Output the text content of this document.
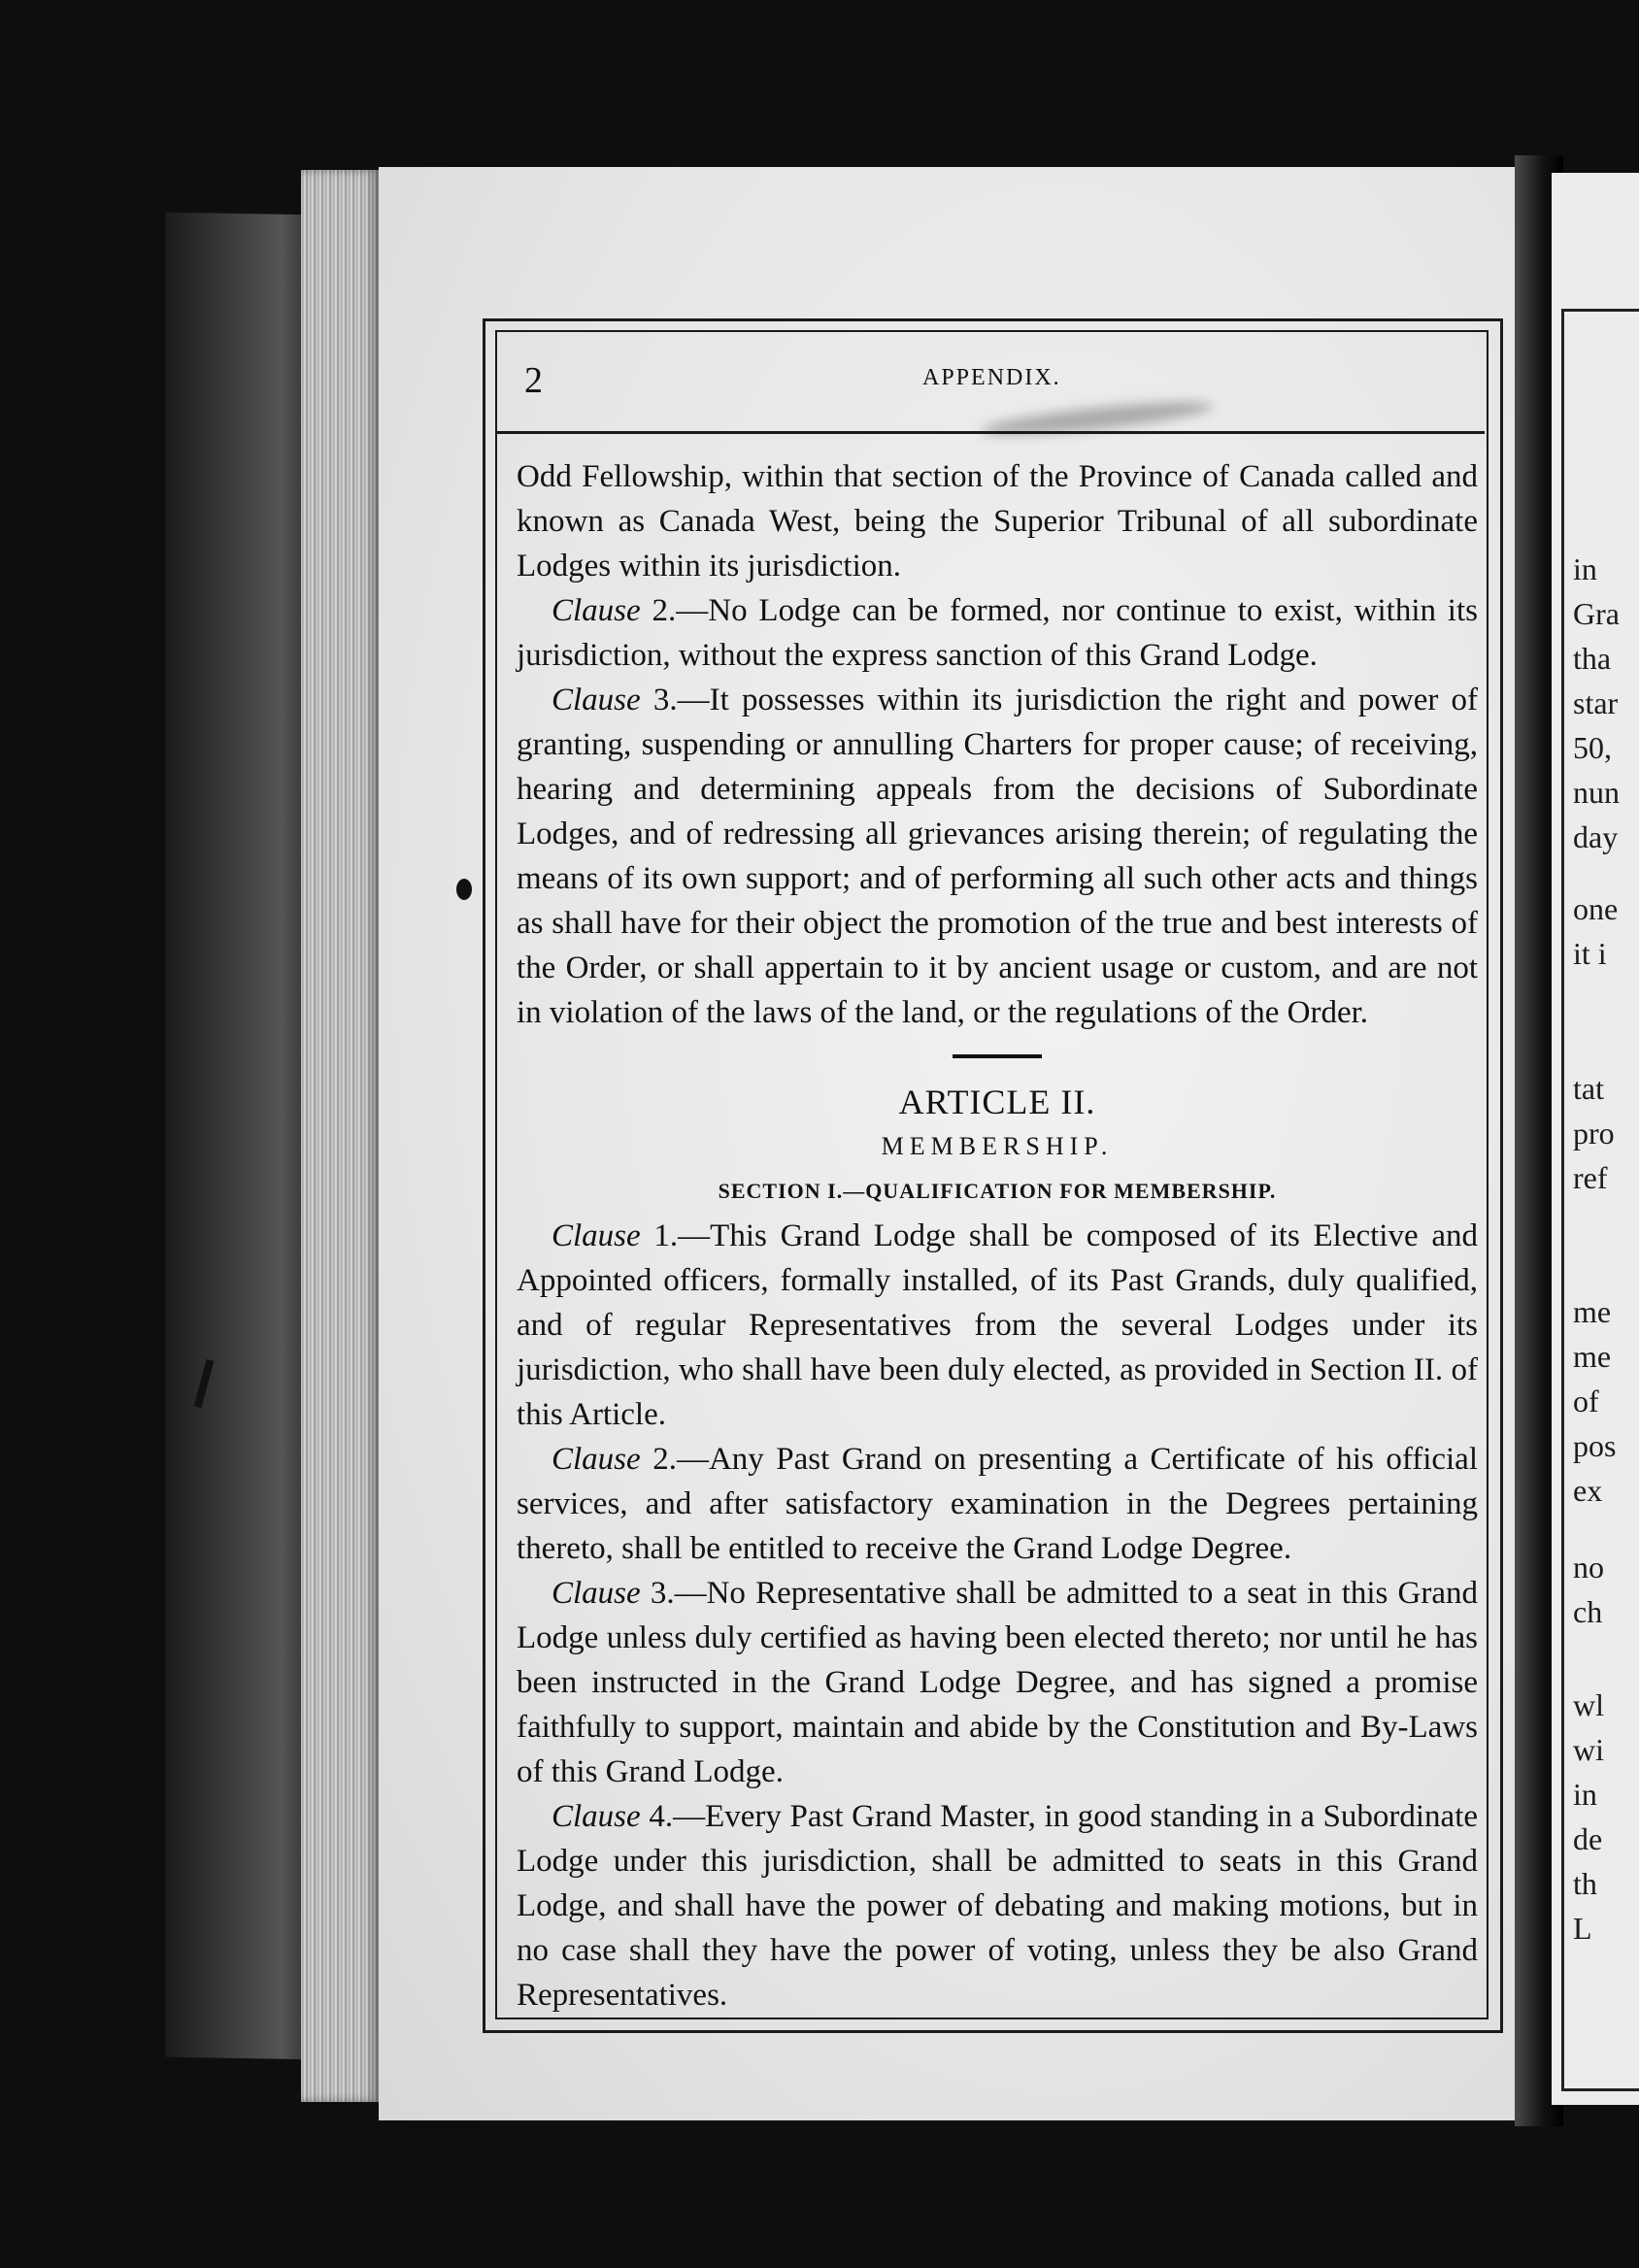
in
Gra
tha
star
50,
nun
day
one
it i
tat
pro
ref
me
me
of
pos
ex
no
ch
wl
wi
in
de
th
L
2	APPENDIX.

Odd Fellowship, within that section of the Province of Canada called and known as Canada West, being the Superior Tribunal of all subordinate Lodges within its jurisdiction.

Clause 2.—No Lodge can be formed, nor continue to exist, within its jurisdiction, without the express sanction of this Grand Lodge.

Clause 3.—It possesses within its jurisdiction the right and power of granting, suspending or annulling Charters for proper cause; of receiving, hearing and determining appeals from the decisions of Subordinate Lodges, and of redressing all grievances arising therein; of regulating the means of its own support; and of performing all such other acts and things as shall have for their object the promotion of the true and best interests of the Order, or shall appertain to it by ancient usage or custom, and are not in violation of the laws of the land, or the regulations of the Order.

ARTICLE II.

MEMBERSHIP.

SECTION I.—QUALIFICATION FOR MEMBERSHIP.

Clause 1.—This Grand Lodge shall be composed of its Elective and Appointed officers, formally installed, of its Past Grands, duly qualified, and of regular Representatives from the several Lodges under its jurisdiction, who shall have been duly elected, as provided in Section II. of this Article.

Clause 2.—Any Past Grand on presenting a Certificate of his official services, and after satisfactory examination in the Degrees pertaining thereto, shall be entitled to receive the Grand Lodge Degree.

Clause 3.—No Representative shall be admitted to a seat in this Grand Lodge unless duly certified as having been elected thereto; nor until he has been instructed in the Grand Lodge Degree, and has signed a promise faithfully to support, maintain and abide by the Constitution and By-Laws of this Grand Lodge.

Clause 4.—Every Past Grand Master, in good standing in a Subordinate Lodge under this jurisdiction, shall be admitted to seats in this Grand Lodge, and shall have the power of debating and making motions, but in no case shall they have the power of voting, unless they be also Grand Representatives.
